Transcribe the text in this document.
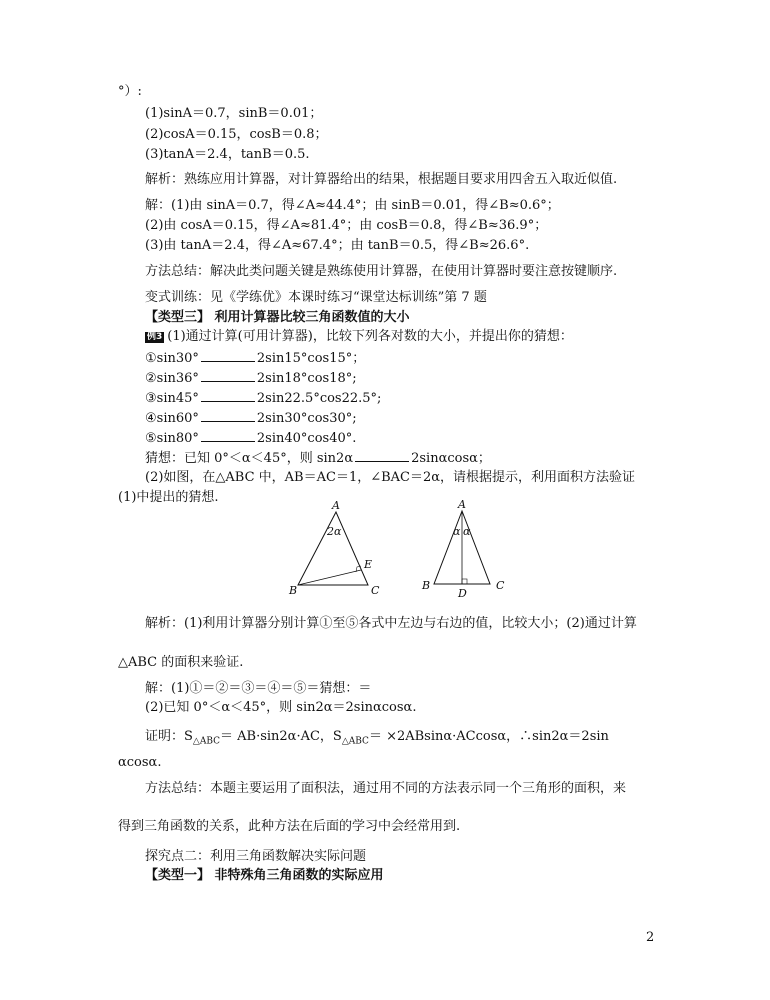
°）:
(1)sinA＝0.7，sinB＝0.01；
(2)cosA＝0.15，cosB＝0.8；
(3)tanA＝2.4，tanB＝0.5.
解析：熟练应用计算器，对计算器给出的结果，根据题目要求用四舍五入取近似值.
解：(1)由 sinA＝0.7，得∠A≈44.4°；由 sinB＝0.01，得∠B≈0.6°；
(2)由 cosA＝0.15，得∠A≈81.4°；由 cosB＝0.8，得∠B≈36.9°；
(3)由 tanA＝2.4，得∠A≈67.4°；由 tanB＝0.5，得∠B≈26.6°.
方法总结：解决此类问题关键是熟练使用计算器，在使用计算器时要注意按键顺序.
变式训练：见《学练优》本课时练习“课堂达标训练”第 7 题
【类型三】 利用计算器比较三角函数值的大小
例3 (1)通过计算(可用计算器)，比较下列各对数的大小，并提出你的猜想：
①sin30°	2sin15°cos15°；
②sin36°	2sin18°cos18°;
③sin45°	2sin22.5°cos22.5°;
④sin60°	2sin30°cos30°;
⑤sin80°	2sin40°cos40°.
猜想：已知 0°＜α＜45°，则 sin2α	2sinαcosα；
(2)如图，在△ABC 中，AB＝AC＝1，∠BAC＝2α，请根据提示，利用面积方法验证
(1)中提出的猜想.
A
2α
E
B	C
A
α α
B	C
D
解析：(1)利用计算器分别计算①至⑤各式中左边与右边的值，比较大小；(2)通过计算
△ABC 的面积来验证.
解：(1)①＝②＝③＝④＝⑤＝猜想：＝
(2)已知 0°＜α＜45°，则 sin2α＝2sinαcosα.
证明：$S_{\triangle ABC}= AB\cdot\sin 2\alpha\cdot AC$，$S_{\triangle ABC}= \times 2ABsin\alpha\cdot ACcos\alpha$，∴sin2α＝2sin
αcosα.
方法总结：本题主要运用了面积法，通过用不同的方法表示同一个三角形的面积，来
得到三角函数的关系，此种方法在后面的学习中会经常用到.
探究点二：利用三角函数解决实际问题
【类型一】 非特殊角三角函数的实际应用
2
